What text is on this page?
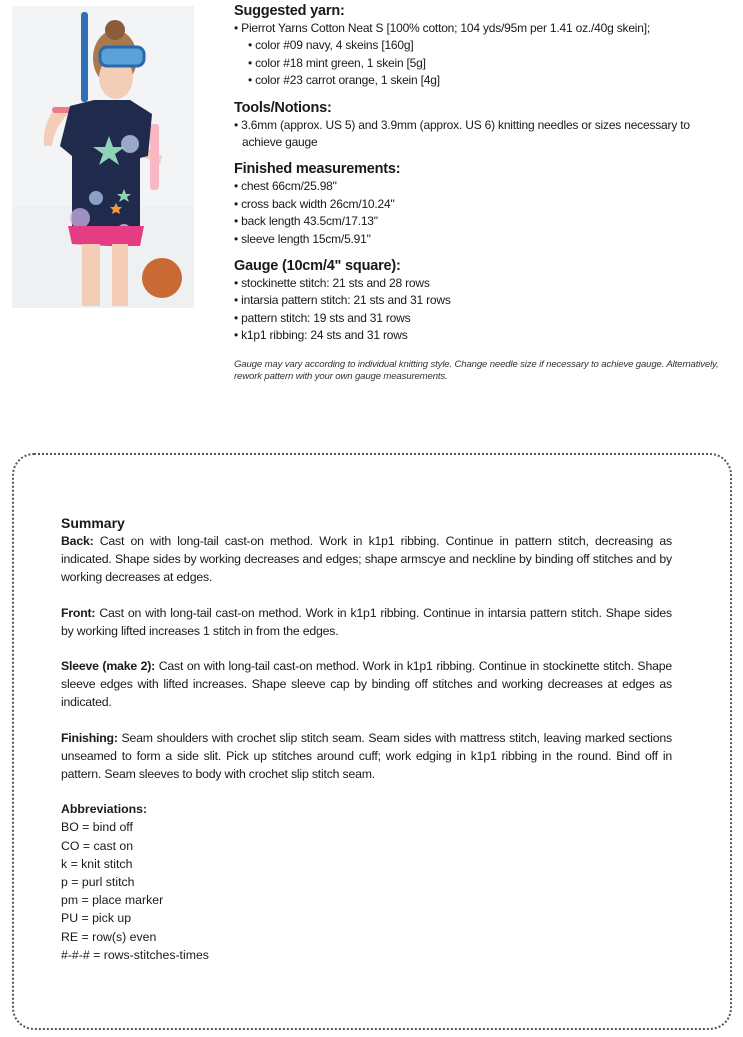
Suggested yarn:

• Pierrot Yarns Cotton Neat S [100% cotton; 104 yds/95m per 1.41 oz./40g skein];

• color #09 navy, 4 skeins [160g]

• color #18 mint green, 1 skein [5g]

• color #23 carrot orange, 1 skein [4g]

Tools/Notions:

• 3.6mm (approx. US 5) and 3.9mm (approx. US 6) knitting needles or sizes necessary to achieve gauge

Finished measurements:

• chest 66cm/25.98"

• cross back width 26cm/10.24"

• back length 43.5cm/17.13"

• sleeve length 15cm/5.91"

Gauge (10cm/4" square):

• stockinette stitch: 21 sts and 28 rows

• intarsia pattern stitch: 21 sts and 31 rows

• pattern stitch: 19 sts and 31 rows

• k1p1 ribbing: 24 sts and 31 rows

Gauge may vary according to individual knitting style. Change needle size if necessary to achieve gauge. Alternatively, rework pattern with your own gauge measurements.

Summary

Back: Cast on with long-tail cast-on method. Work in k1p1 ribbing. Continue in pattern stitch, decreasing as indicated. Shape sides by working decreases and edges; shape armscye and neckline by binding off stitches and by working decreases at edges.

Front: Cast on with long-tail cast-on method. Work in k1p1 ribbing. Continue in intarsia pattern stitch. Shape sides by working lifted increases 1 stitch in from the edges.

Sleeve (make 2): Cast on with long-tail cast-on method. Work in k1p1 ribbing. Continue in stockinette stitch. Shape sleeve edges with lifted increases. Shape sleeve cap by binding off stitches and working decreases at edges as indicated.

Finishing: Seam shoulders with crochet slip stitch seam. Seam sides with mattress stitch, leaving marked sections unseamed to form a side slit. Pick up stitches around cuff; work edging in k1p1 ribbing in the round. Bind off in pattern. Seam sleeves to body with crochet slip stitch seam.

Abbreviations:

BO = bind off

CO = cast on

k = knit stitch

p = purl stitch

pm = place marker

PU = pick up

RE = row(s) even

#-#-# = rows-stitches-times
